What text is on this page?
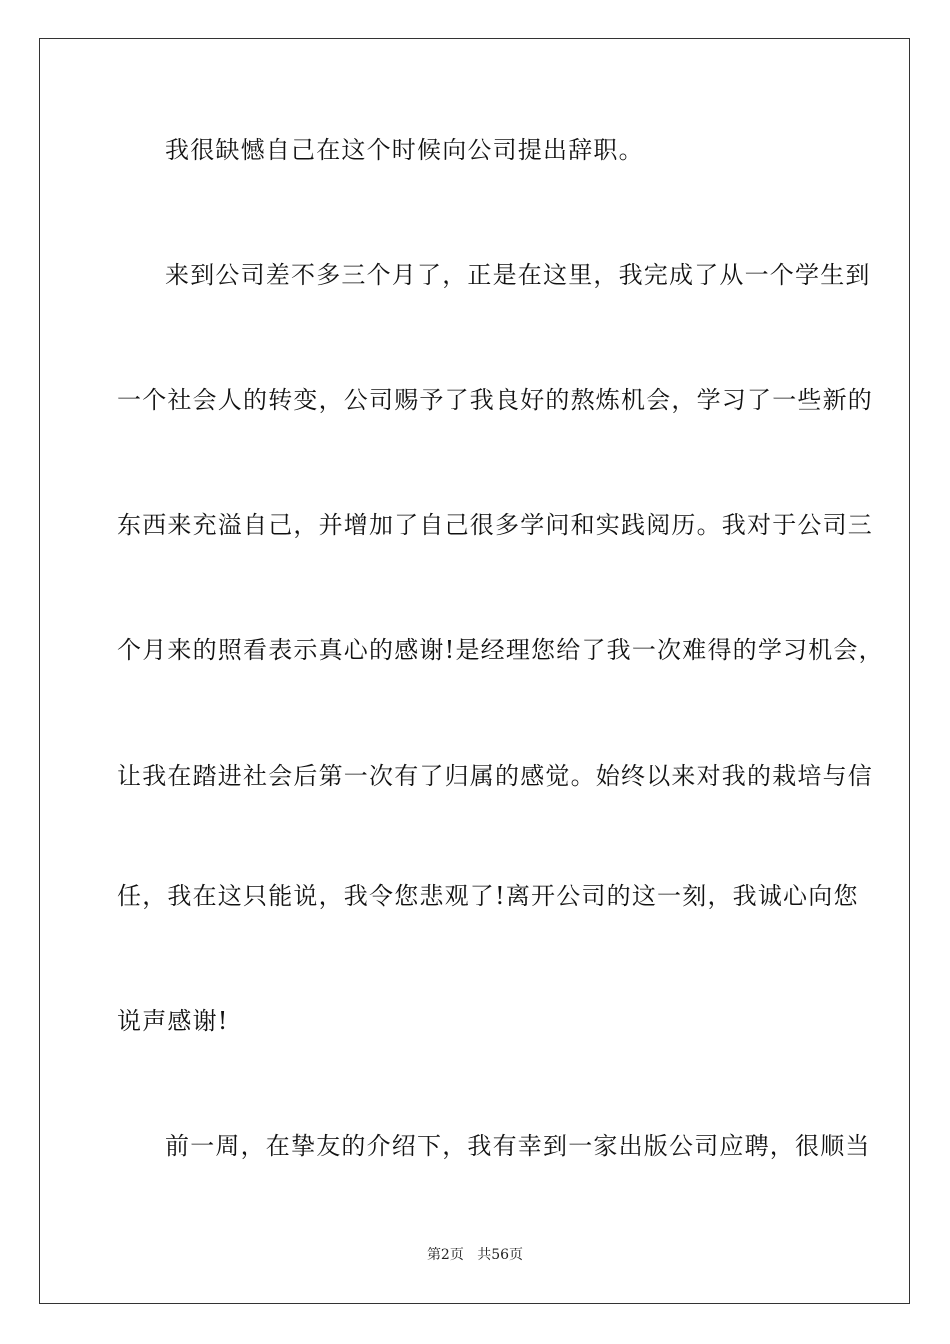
我很缺憾自己在这个时候向公司提出辞职。
来到公司差不多三个月了，正是在这里，我完成了从一个学生到
一个社会人的转变，公司赐予了我良好的熬炼机会，学习了一些新的
东西来充溢自己，并增加了自己很多学问和实践阅历。我对于公司三
个月来的照看表示真心的感谢!是经理您给了我一次难得的学习机会，
让我在踏进社会后第一次有了归属的感觉。始终以来对我的栽培与信
任，我在这只能说，我令您悲观了!离开公司的这一刻，我诚心向您
说声感谢!
前一周，在挚友的介绍下，我有幸到一家出版公司应聘，很顺当
第2页 共56页
